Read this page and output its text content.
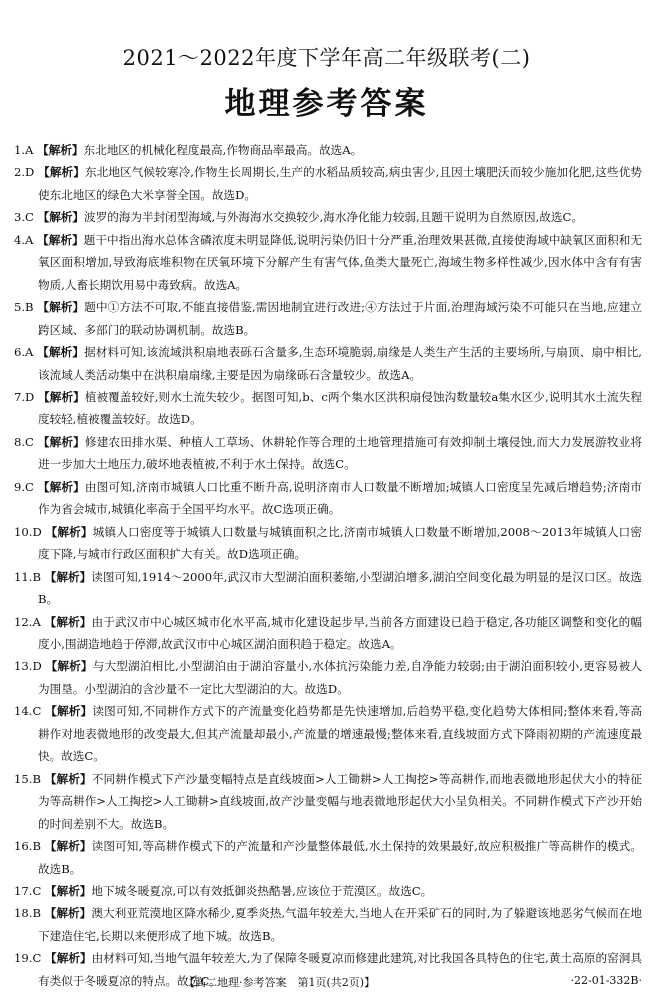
2021～2022年度下学年高二年级联考(二)
地理参考答案
1.A 【解析】东北地区的机械化程度最高,作物商品率最高。故选A。
2.D 【解析】东北地区气候较寒冷,作物生长周期长,生产的水稻品质较高,病虫害少,且因土壤肥沃而较少施加化肥,这些优势使东北地区的绿色大米享誉全国。故选D。
3.C 【解析】波罗的海为半封闭型海域,与外海海水交换较少,海水净化能力较弱,且题干说明为自然原因,故选C。
4.A 【解析】题干中指出海水总体含磷浓度未明显降低,说明污染仍旧十分严重,治理效果甚微,直接使海域中缺氧区面积和无氧区面积增加,导致海底堆积物在厌氧环境下分解产生有害气体,鱼类大量死亡,海域生物多样性减少,因水体中含有有害物质,人畜长期饮用易中毒致病。故选A。
5.B 【解析】题中①方法不可取,不能直接借鉴,需因地制宜进行改进;④方法过于片面,治理海域污染不可能只在当地,应建立跨区域、多部门的联动协调机制。故选B。
6.A 【解析】据材料可知,该流域洪积扇地表砾石含量多,生态环境脆弱,扇缘是人类生产生活的主要场所,与扇顶、扇中相比,该流域人类活动集中在洪积扇扇缘,主要是因为扇缘砾石含量较少。故选A。
7.D 【解析】植被覆盖较好,则水土流失较少。据图可知,b、c两个集水区洪积扇侵蚀沟数量较a集水区少,说明其水土流失程度较轻,植被覆盖较好。故选D。
8.C 【解析】修建农田排水渠、种植人工草场、休耕轮作等合理的土地管理措施可有效抑制土壤侵蚀,而大力发展游牧业将进一步加大土地压力,破坏地表植被,不利于水土保持。故选C。
9.C 【解析】由图可知,济南市城镇人口比重不断升高,说明济南市人口数量不断增加;城镇人口密度呈先减后增趋势;济南市作为省会城市,城镇化率高于全国平均水平。故C选项正确。
10.D 【解析】城镇人口密度等于城镇人口数量与城镇面积之比,济南市城镇人口数量不断增加,2008～2013年城镇人口密度下降,与城市行政区面积扩大有关。故D选项正确。
11.B 【解析】读图可知,1914～2000年,武汉市大型湖泊面积萎缩,小型湖泊增多,湖泊空间变化最为明显的是汉口区。故选B。
12.A 【解析】由于武汉市中心城区城市化水平高,城市化建设起步早,当前各方面建设已趋于稳定,各功能区调整和变化的幅度小,围湖造地趋于停滞,故武汉市中心城区湖泊面积趋于稳定。故选A。
13.D 【解析】与大型湖泊相比,小型湖泊由于湖泊容量小,水体抗污染能力差,自净能力较弱;由于湖泊面积较小,更容易被人为围垦。小型湖泊的含沙量不一定比大型湖泊的大。故选D。
14.C 【解析】读图可知,不同耕作方式下的产流量变化趋势都是先快速增加,后趋势平稳,变化趋势大体相同;整体来看,等高耕作对地表微地形的改变最大,但其产流量却最小,产流量的增速最慢;整体来看,直线坡面方式下降雨初期的产流速度最快。故选C。
15.B 【解析】不同耕作模式下产沙量变幅特点是直线坡面>人工锄耕>人工掏挖>等高耕作,而地表微地形起伏大小的特征为等高耕作>人工掏挖>人工锄耕>直线坡面,故产沙量变幅与地表微地形起伏大小呈负相关。不同耕作模式下产沙开始的时间差别不大。故选B。
16.B 【解析】读图可知,等高耕作模式下的产流量和产沙量整体最低,水土保持的效果最好,故应积极推广等高耕作的模式。故选B。
17.C 【解析】地下城冬暖夏凉,可以有效抵御炎热酷暑,应该位于荒漠区。故选C。
18.B 【解析】澳大利亚荒漠地区降水稀少,夏季炎热,气温年较差大,当地人在开采矿石的同时,为了躲避该地恶劣气候而在地下建造住宅,长期以来便形成了地下城。故选B。
19.C 【解析】由材料可知,当地气温年较差大,为了保障冬暖夏凉而修建此建筑,对比我国各具特色的住宅,黄土高原的窑洞具有类似于冬暖夏凉的特点。故选C。
【高二地理·参考答案　第1页(共2页)】	·22-01-332B·
